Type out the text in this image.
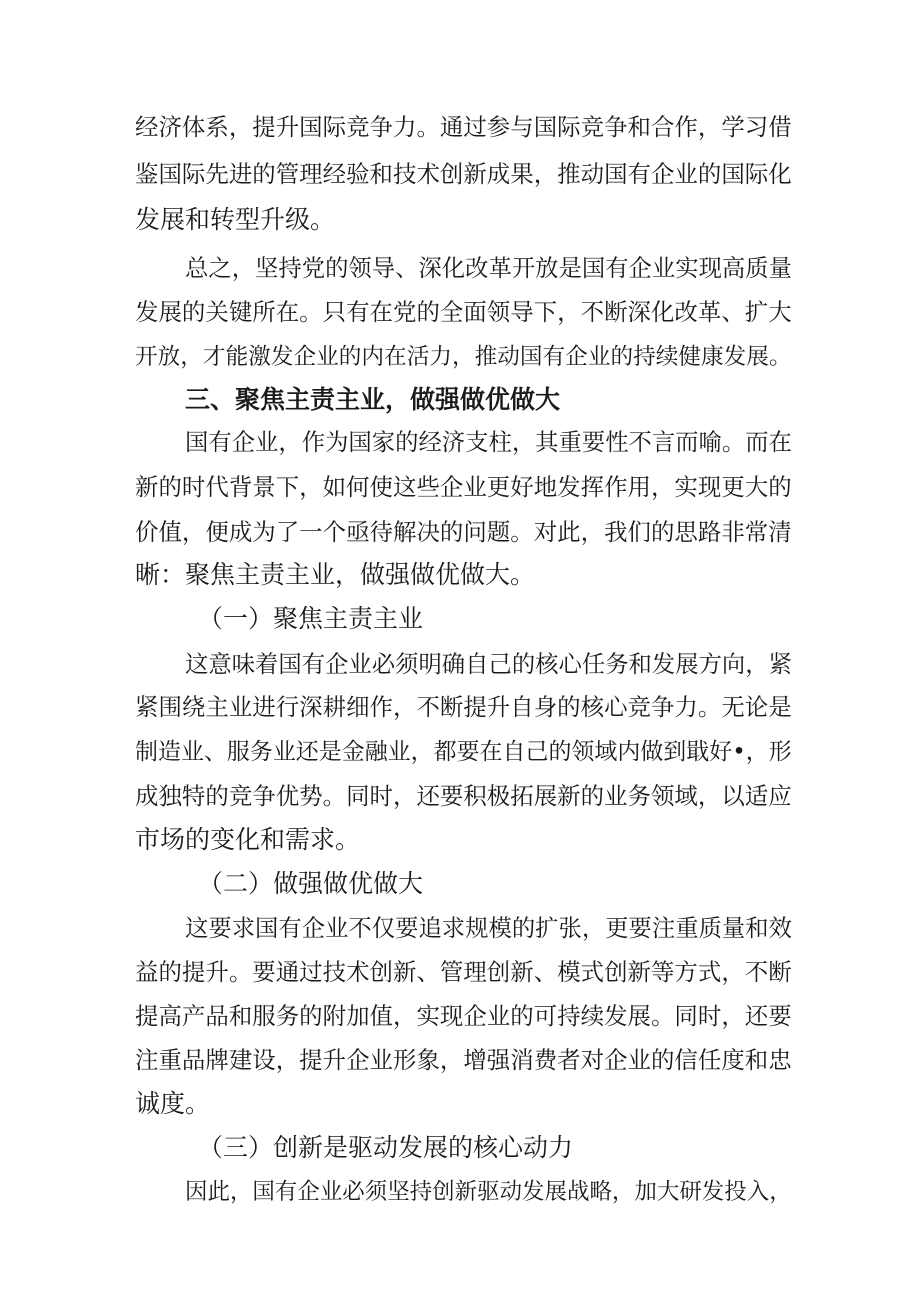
经济体系，提升国际竞争力。通过参与国际竞争和合作，学习借
鉴国际先进的管理经验和技术创新成果，推动国有企业的国际化
发展和转型升级。
总之，坚持党的领导、深化改革开放是国有企业实现高质量
发展的关键所在。只有在党的全面领导下，不断深化改革、扩大
开放，才能激发企业的内在活力，推动国有企业的持续健康发展。
三、聚焦主责主业，做强做优做大
国有企业，作为国家的经济支柱，其重要性不言而喻。而在
新的时代背景下，如何使这些企业更好地发挥作用，实现更大的
价值，便成为了一个亟待解决的问题。对此，我们的思路非常清
晰：聚焦主责主业，做强做优做大。
（一）聚焦主责主业
这意味着国有企业必须明确自己的核心任务和发展方向，紧
紧围绕主业进行深耕细作，不断提升自身的核心竞争力。无论是
制造业、服务业还是金融业，都要在自己的领域内做到戢好•，形
成独特的竞争优势。同时，还要积极拓展新的业务领域，以适应
市场的变化和需求。
（二）做强做优做大
这要求国有企业不仅要追求规模的扩张，更要注重质量和效
益的提升。要通过技术创新、管理创新、模式创新等方式，不断
提高产品和服务的附加值，实现企业的可持续发展。同时，还要
注重品牌建设，提升企业形象，增强消费者对企业的信任度和忠
诚度。
（三）创新是驱动发展的核心动力
因此，国有企业必须坚持创新驱动发展战略，加大研发投入，
